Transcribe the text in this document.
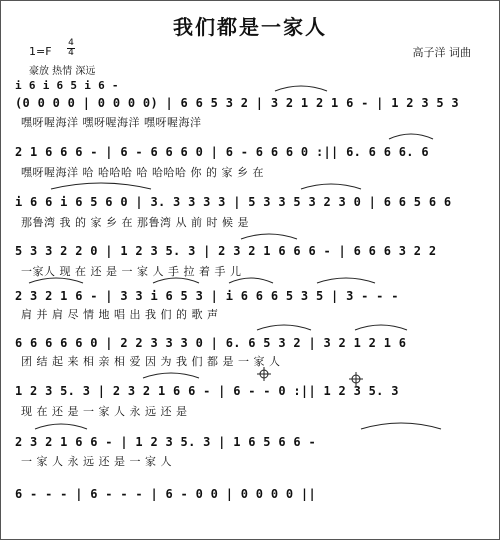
我们都是一家人
1=F
4
4
豪放 热情 深远
高子洋 词曲
i 6 i 6 5 i 6 -
(0 0 0 0 | 0 0 0 0) | 6 6 5 3 2 | 3 2 1 2 1 6 - | 1 2 3 5 3
嘿呀喔海洋 嘿呀喔海洋 嘿呀喔海洋
2 1 6 6 6 - | 6 - 6 6 6 0 | 6 - 6 6 6 0 :|| 6. 6 6 6. 6
嘿呀喔海洋 哈 哈哈哈 哈 哈哈哈 你 的 家 乡 在
i 6 6 i 6 5 6 0 | 3. 3 3 3 3 | 5 3 3 5 3 2 3 0 | 6 6 5 6 6
那鲁湾 我 的 家 乡 在 那鲁湾 从 前 时 候 是
5 3 3 2 2 0 | 1 2 3 5. 3 | 2 3 2 1 6 6 6 - | 6 6 6 3 2 2
一家人 现 在 还 是 一 家 人 手 拉 着 手 儿
2 3 2 1 6 - | 3 3 i 6 5 3 | i 6 6 6 5 3 5 | 3 - - -
肩 并 肩 尽 情 地 唱 出 我 们 的 歌 声
6 6 6 6 6 0 | 2 2 3 3 3 0 | 6. 6 5 3 2 | 3 2 1 2 1 6
团 结 起 来 相 亲 相 爱 因 为 我 们 都 是 一 家 人
1 2 3 5. 3 | 2 3 2 1 6 6 - | 6 - - 0 :|| 1 2 3 5. 3
现 在 还 是 一 家 人 永 远 还 是
2 3 2 1 6 6 - | 1 2 3 5. 3 | 1 6 5 6 6 -
一 家 人 永 远 还 是 一 家 人
6 - - - | 6 - - - | 6 - 0 0 | 0 0 0 0 ||
